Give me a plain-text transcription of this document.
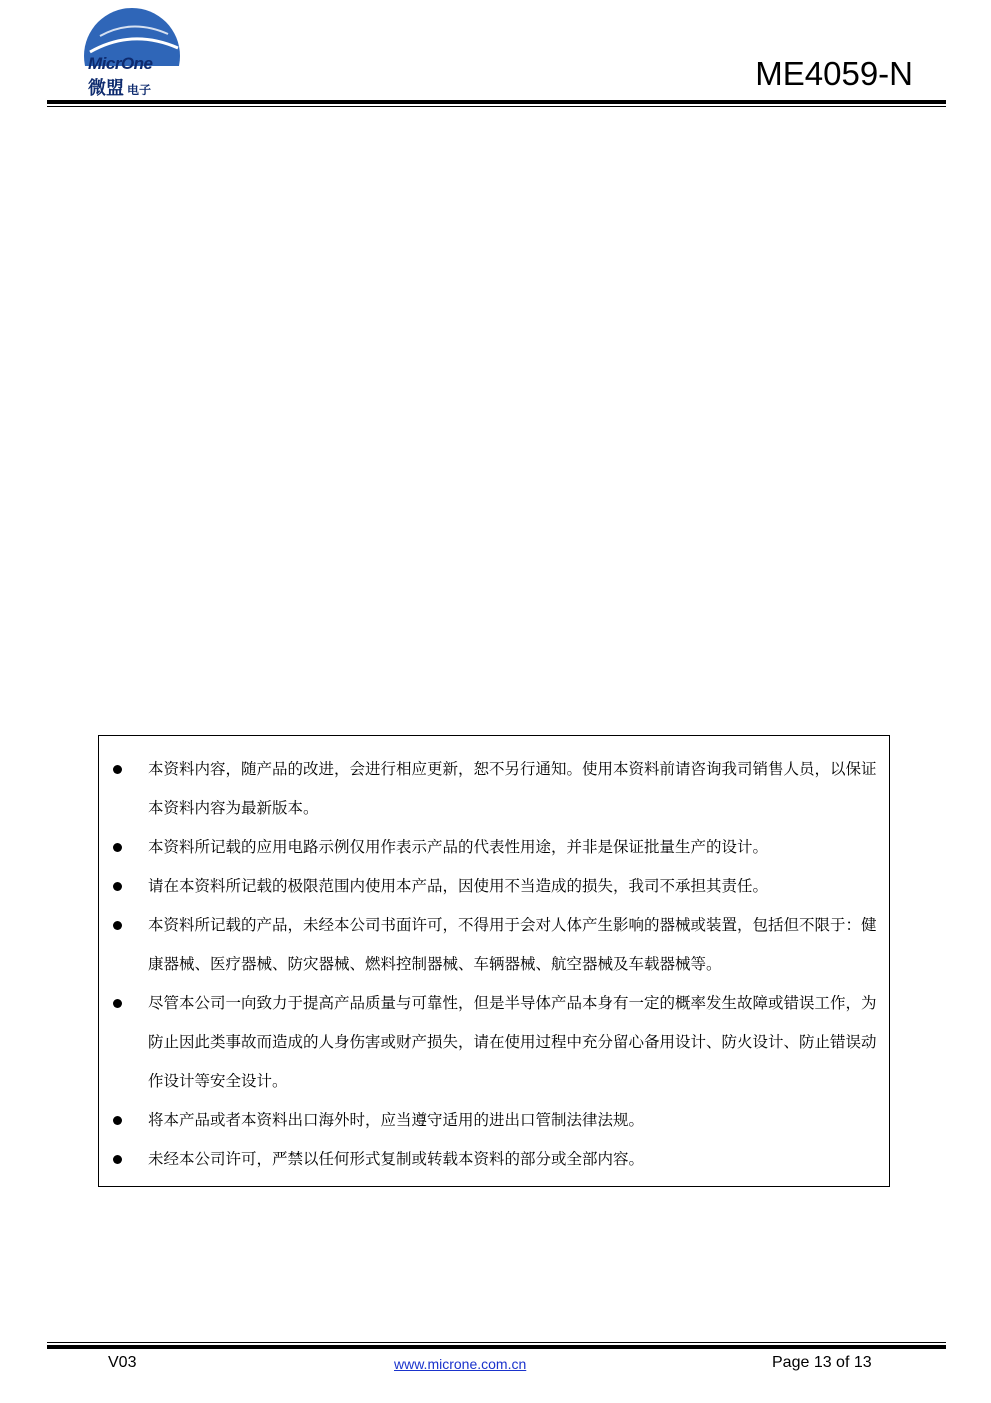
MicrOne
微盟 电子	ME4059-N
本资料内容，随产品的改进，会进行相应更新，恕不另行通知。使用本资料前请咨询我司销售人员，以保证本资料内容为最新版本。
本资料所记载的应用电路示例仅用作表示产品的代表性用途，并非是保证批量生产的设计。
请在本资料所记载的极限范围内使用本产品，因使用不当造成的损失，我司不承担其责任。
本资料所记载的产品，未经本公司书面许可，不得用于会对人体产生影响的器械或装置，包括但不限于：健康器械、医疗器械、防灾器械、燃料控制器械、车辆器械、航空器械及车载器械等。
尽管本公司一向致力于提高产品质量与可靠性，但是半导体产品本身有一定的概率发生故障或错误工作，为防止因此类事故而造成的人身伤害或财产损失，请在使用过程中充分留心备用设计、防火设计、防止错误动作设计等安全设计。
将本产品或者本资料出口海外时，应当遵守适用的进出口管制法律法规。
未经本公司许可，严禁以任何形式复制或转载本资料的部分或全部内容。
V03	www.microne.com.cn	Page 13 of 13
